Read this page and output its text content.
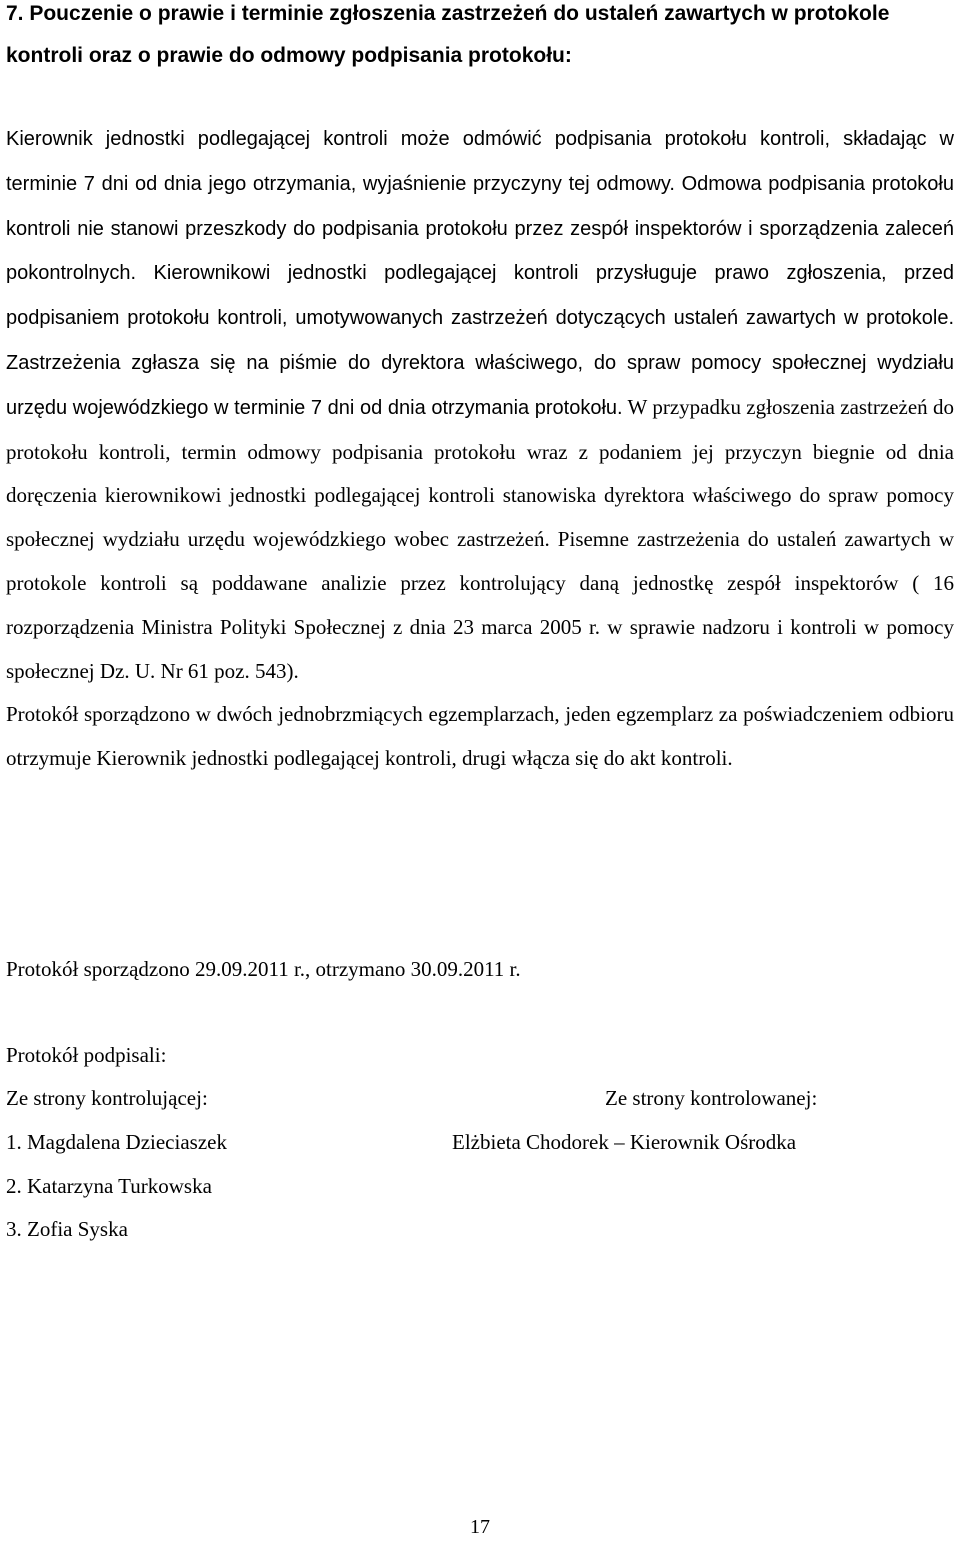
7. Pouczenie o prawie i terminie zgłoszenia zastrzeżeń do ustaleń zawartych w protokole kontroli oraz o prawie do odmowy podpisania protokołu:

Kierownik jednostki podlegającej kontroli może odmówić podpisania protokołu kontroli, składając w terminie 7 dni od dnia jego otrzymania, wyjaśnienie przyczyny tej odmowy. Odmowa podpisania protokołu kontroli nie stanowi przeszkody do podpisania protokołu przez zespół inspektorów i sporządzenia zaleceń pokontrolnych. Kierownikowi jednostki podlegającej kontroli przysługuje prawo zgłoszenia, przed podpisaniem protokołu kontroli, umotywowanych zastrzeżeń dotyczących ustaleń zawartych w protokole. Zastrzeżenia zgłasza się na piśmie do dyrektora właściwego, do spraw pomocy społecznej wydziału urzędu wojewódzkiego w terminie 7 dni od dnia otrzymania protokołu. W przypadku zgłoszenia zastrzeżeń do protokołu kontroli, termin odmowy podpisania protokołu wraz z podaniem jej przyczyn biegnie od dnia doręczenia kierownikowi jednostki podlegającej kontroli stanowiska dyrektora właściwego do spraw pomocy społecznej wydziału urzędu wojewódzkiego wobec zastrzeżeń. Pisemne zastrzeżenia do ustaleń zawartych w protokole kontroli są poddawane analizie przez kontrolujący daną jednostkę zespół inspektorów ( 16 rozporządzenia Ministra Polityki Społecznej z dnia 23 marca 2005 r. w sprawie nadzoru i kontroli w pomocy społecznej Dz. U. Nr 61 poz. 543).
Protokół sporządzono w dwóch jednobrzmiących egzemplarzach, jeden egzemplarz za poświadczeniem odbioru otrzymuje Kierownik jednostki podlegającej kontroli, drugi włącza się do akt kontroli.

Protokół sporządzono 29.09.2011 r., otrzymano 30.09.2011 r.
Protokół podpisali:
Ze strony kontrolującej:	Ze strony kontrolowanej:
1. Magdalena Dzieciaszek	Elżbieta Chodorek – Kierownik Ośrodka
2. Katarzyna Turkowska
3. Zofia Syska
17
